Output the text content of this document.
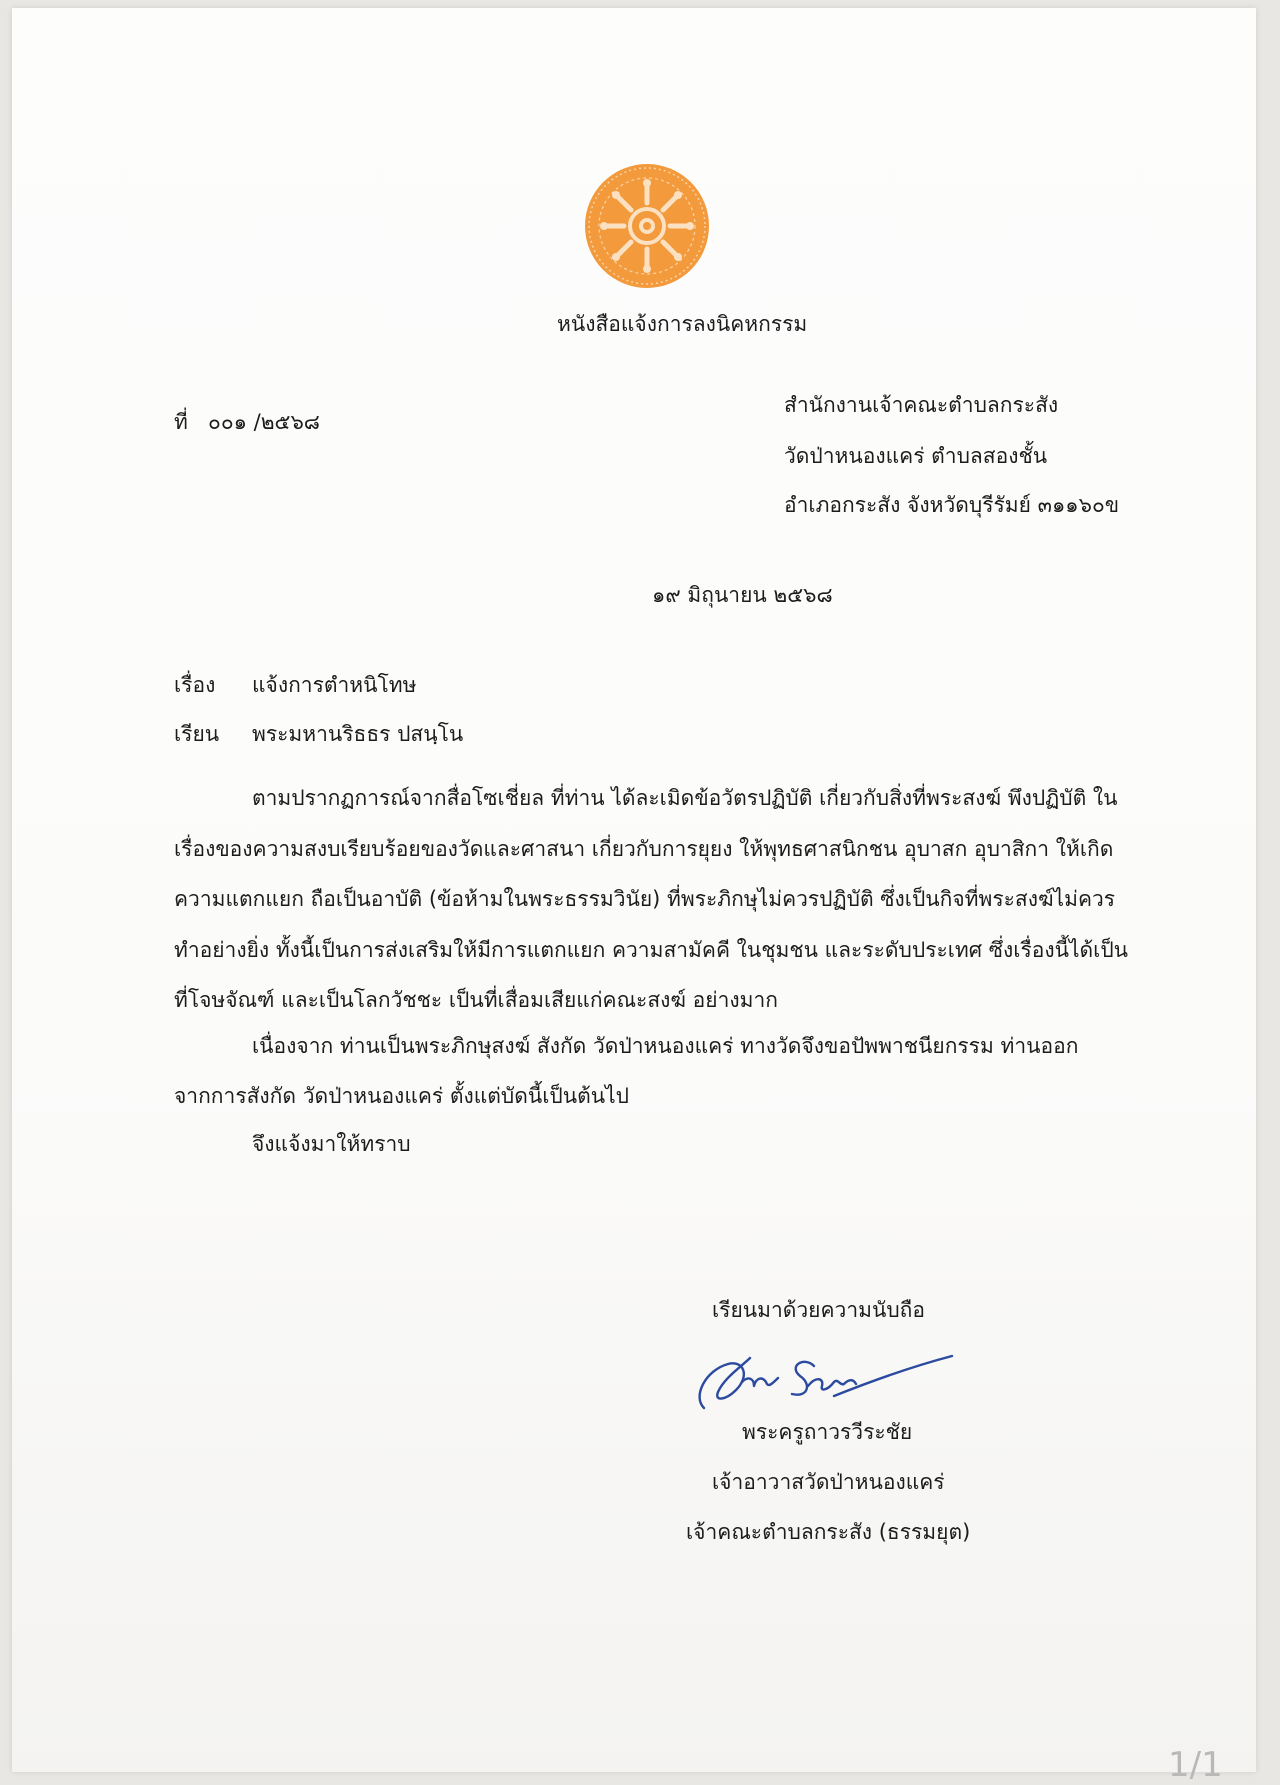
หนังสือแจ้งการลงนิคหกรรม
ที่ ๐๐๑ /๒๕๖๘
สำนักงานเจ้าคณะตำบลกระสัง
วัดป่าหนองแคร่ ตำบลสองชั้น
อำเภอกระสัง จังหวัดบุรีรัมย์ ๓๑๑๖๐ข
๑๙ มิถุนายน ๒๕๖๘
เรื่อง แจ้งการตำหนิโทษ
เรียน พระมหานริธธร ปสนฺโน
ตามปรากฏการณ์จากสื่อโซเชี่ยล ที่ท่าน ได้ละเมิดข้อวัตรปฏิบัติ เกี่ยวกับสิ่งที่พระสงฆ์ พึงปฏิบัติ ใน
เรื่องของความสงบเรียบร้อยของวัดและศาสนา เกี่ยวกับการยุยง ให้พุทธศาสนิกชน อุบาสก อุบาสิกา ให้เกิด
ความแตกแยก ถือเป็นอาบัติ (ข้อห้ามในพระธรรมวินัย) ที่พระภิกษุไม่ควรปฏิบัติ ซึ่งเป็นกิจที่พระสงฆ์ไม่ควร
ทำอย่างยิ่ง ทั้งนี้เป็นการส่งเสริมให้มีการแตกแยก ความสามัคคี ในชุมชน และระดับประเทศ ซึ่งเรื่องนี้ได้เป็น
ที่โจษจัณฑ์ และเป็นโลกวัชชะ เป็นที่เสื่อมเสียแก่คณะสงฆ์ อย่างมาก
เนื่องจาก ท่านเป็นพระภิกษุสงฆ์ สังกัด วัดป่าหนองแคร่ ทางวัดจึงขอปัพพาชนียกรรม ท่านออก
จากการสังกัด วัดป่าหนองแคร่ ตั้งแต่บัดนี้เป็นต้นไป
จึงแจ้งมาให้ทราบ
เรียนมาด้วยความนับถือ
พระครูถาวรวีระชัย
เจ้าอาวาสวัดป่าหนองแคร่
เจ้าคณะตำบลกระสัง (ธรรมยุต)
1/1
